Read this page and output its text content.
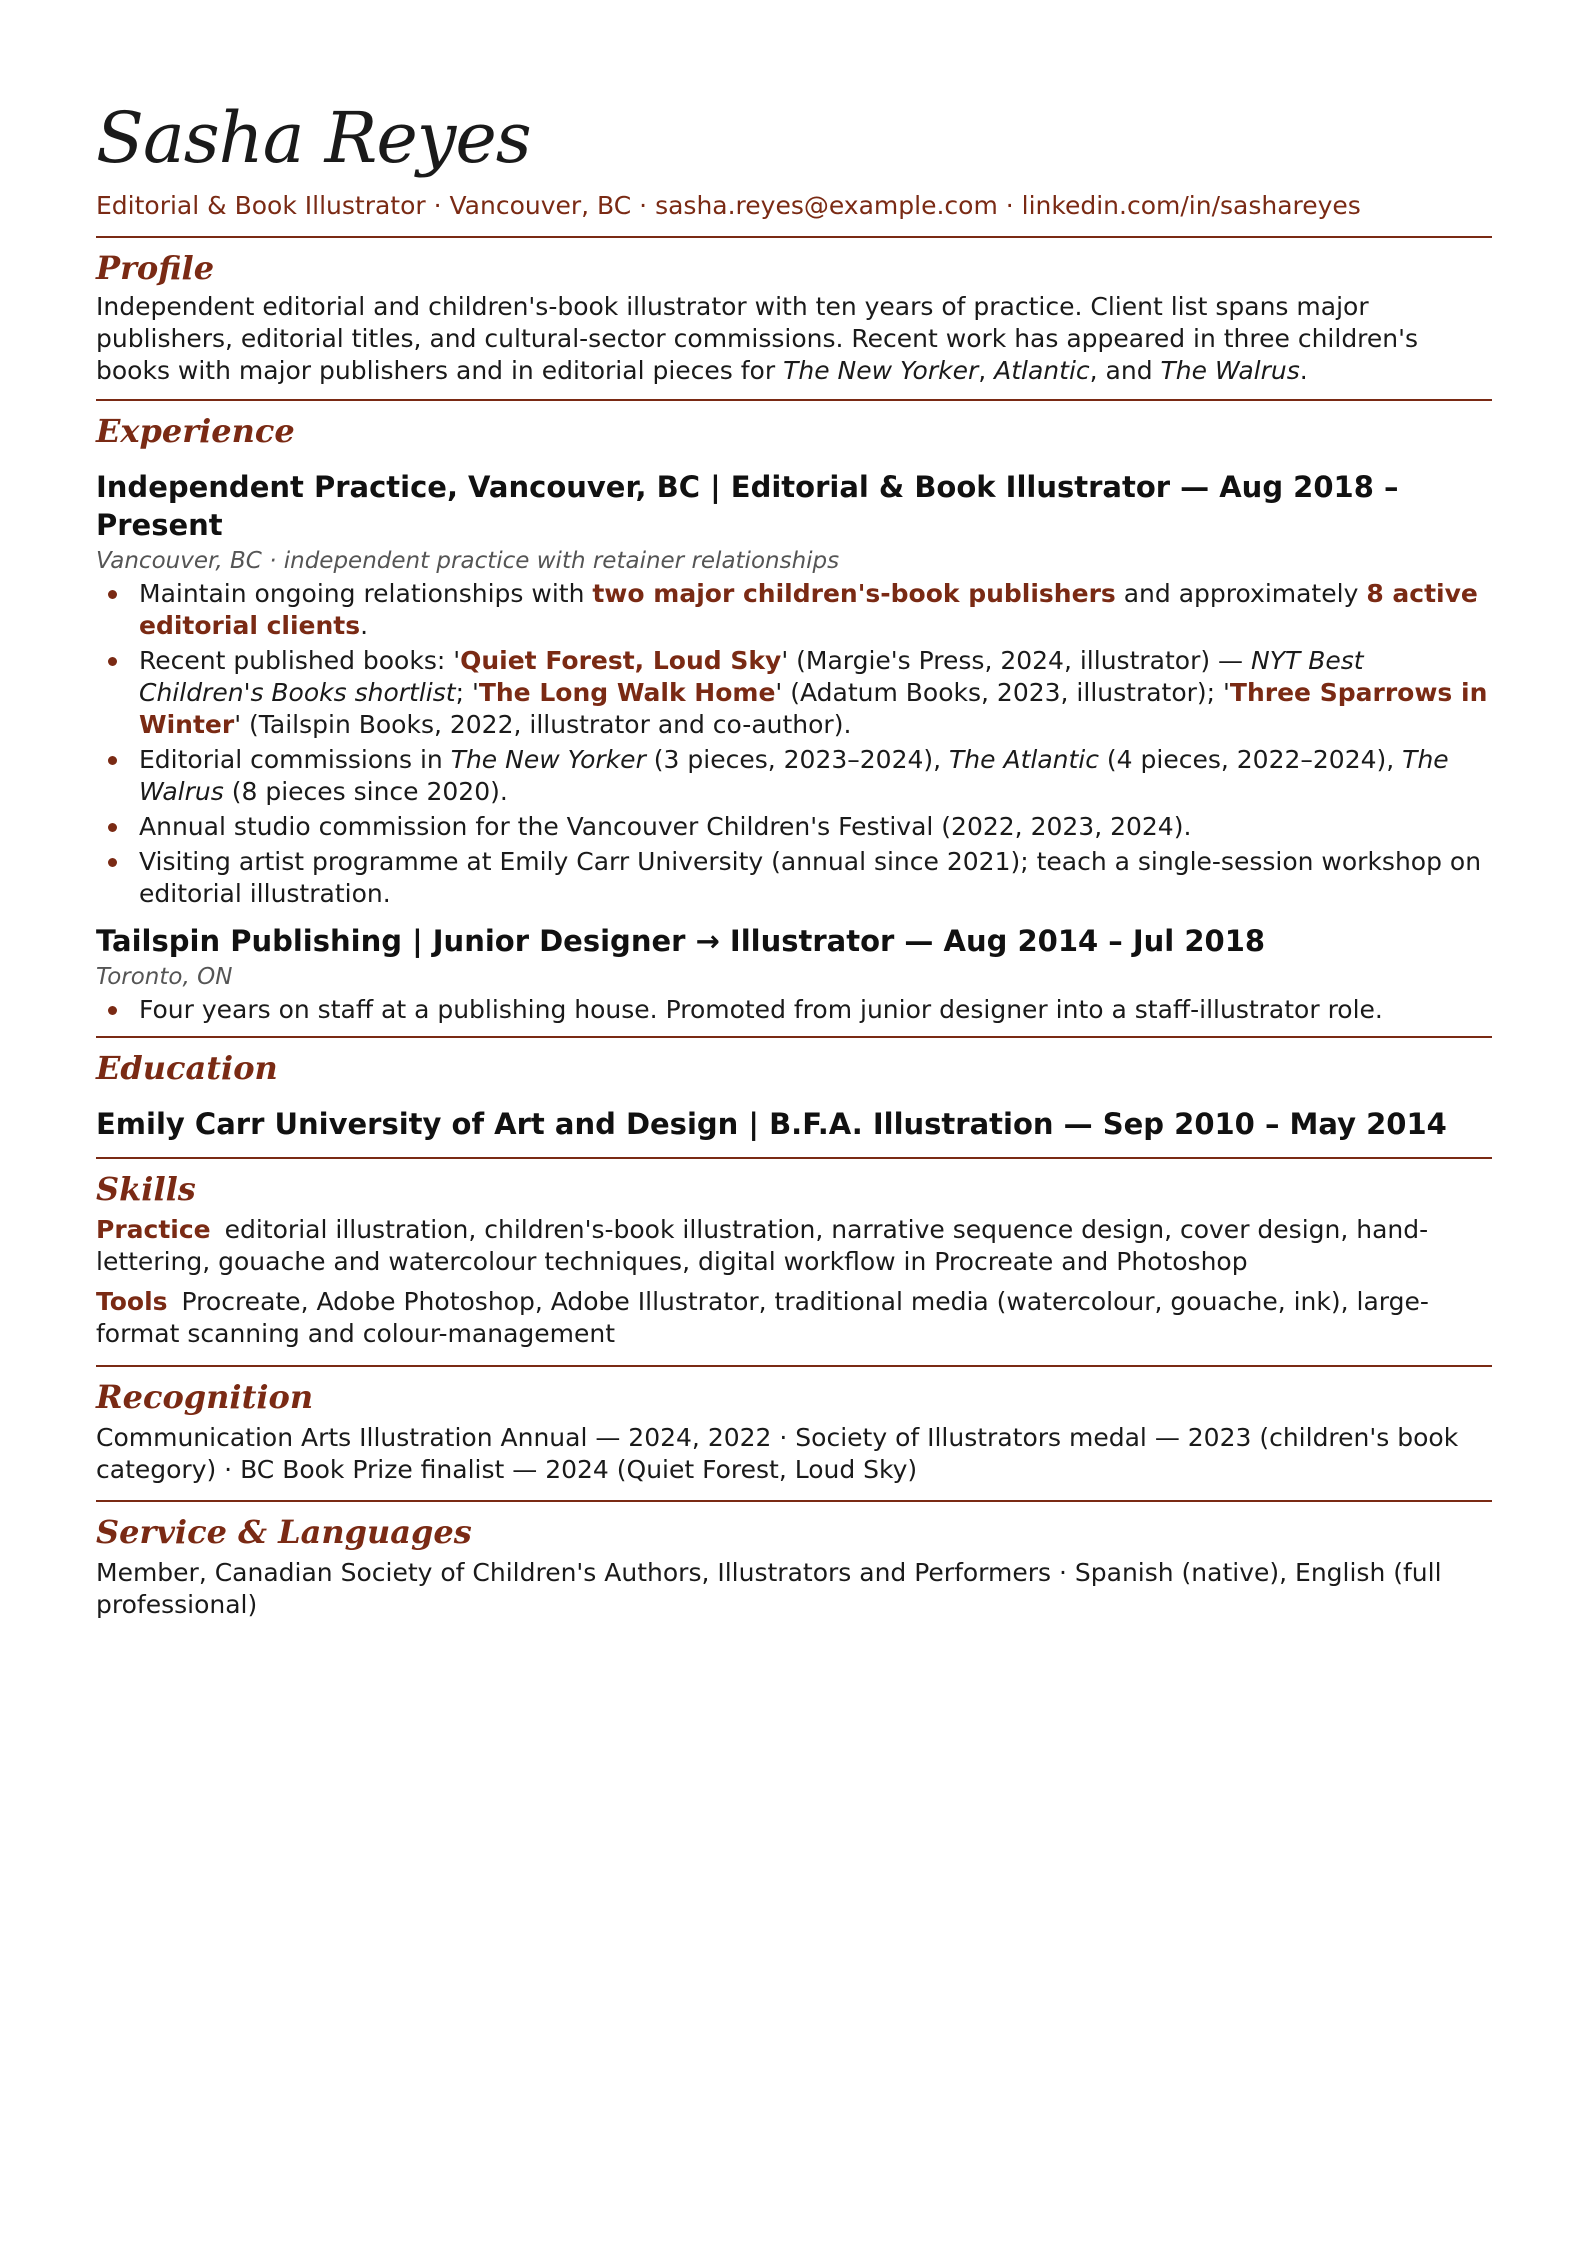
Sasha Reyes
Editorial & Book Illustrator · Vancouver, BC · sasha.reyes@example.com · linkedin.com/in/sashareyes
Profile
Independent editorial and children's-book illustrator with ten years of practice. Client list spans major publishers, editorial titles, and cultural-sector commissions. Recent work has appeared in three children's books with major publishers and in editorial pieces for The New Yorker, Atlantic, and The Walrus.
Experience
Independent Practice, Vancouver, BC | Editorial & Book Illustrator — Aug 2018 – Present
Vancouver, BC · independent practice with retainer relationships
Maintain ongoing relationships with two major children's-book publishers and approximately 8 active editorial clients.
Recent published books: 'Quiet Forest, Loud Sky' (Margie's Press, 2024, illustrator) — NYT Best Children's Books shortlist; 'The Long Walk Home' (Adatum Books, 2023, illustrator); 'Three Sparrows in Winter' (Tailspin Books, 2022, illustrator and co-author).
Editorial commissions in The New Yorker (3 pieces, 2023–2024), The Atlantic (4 pieces, 2022–2024), The Walrus (8 pieces since 2020).
Annual studio commission for the Vancouver Children's Festival (2022, 2023, 2024).
Visiting artist programme at Emily Carr University (annual since 2021); teach a single-session workshop on editorial illustration.
Tailspin Publishing | Junior Designer → Illustrator — Aug 2014 – Jul 2018
Toronto, ON
Four years on staff at a publishing house. Promoted from junior designer into a staff-illustrator role.
Education
Emily Carr University of Art and Design | B.F.A. Illustration — Sep 2010 – May 2014
Skills
Practice editorial illustration, children's-book illustration, narrative sequence design, cover design, hand-lettering, gouache and watercolour techniques, digital workflow in Procreate and Photoshop
Tools Procreate, Adobe Photoshop, Adobe Illustrator, traditional media (watercolour, gouache, ink), large-format scanning and colour-management
Recognition
Communication Arts Illustration Annual — 2024, 2022 · Society of Illustrators medal — 2023 (children's book category) · BC Book Prize finalist — 2024 (Quiet Forest, Loud Sky)
Service & Languages
Member, Canadian Society of Children's Authors, Illustrators and Performers · Spanish (native), English (full professional)
